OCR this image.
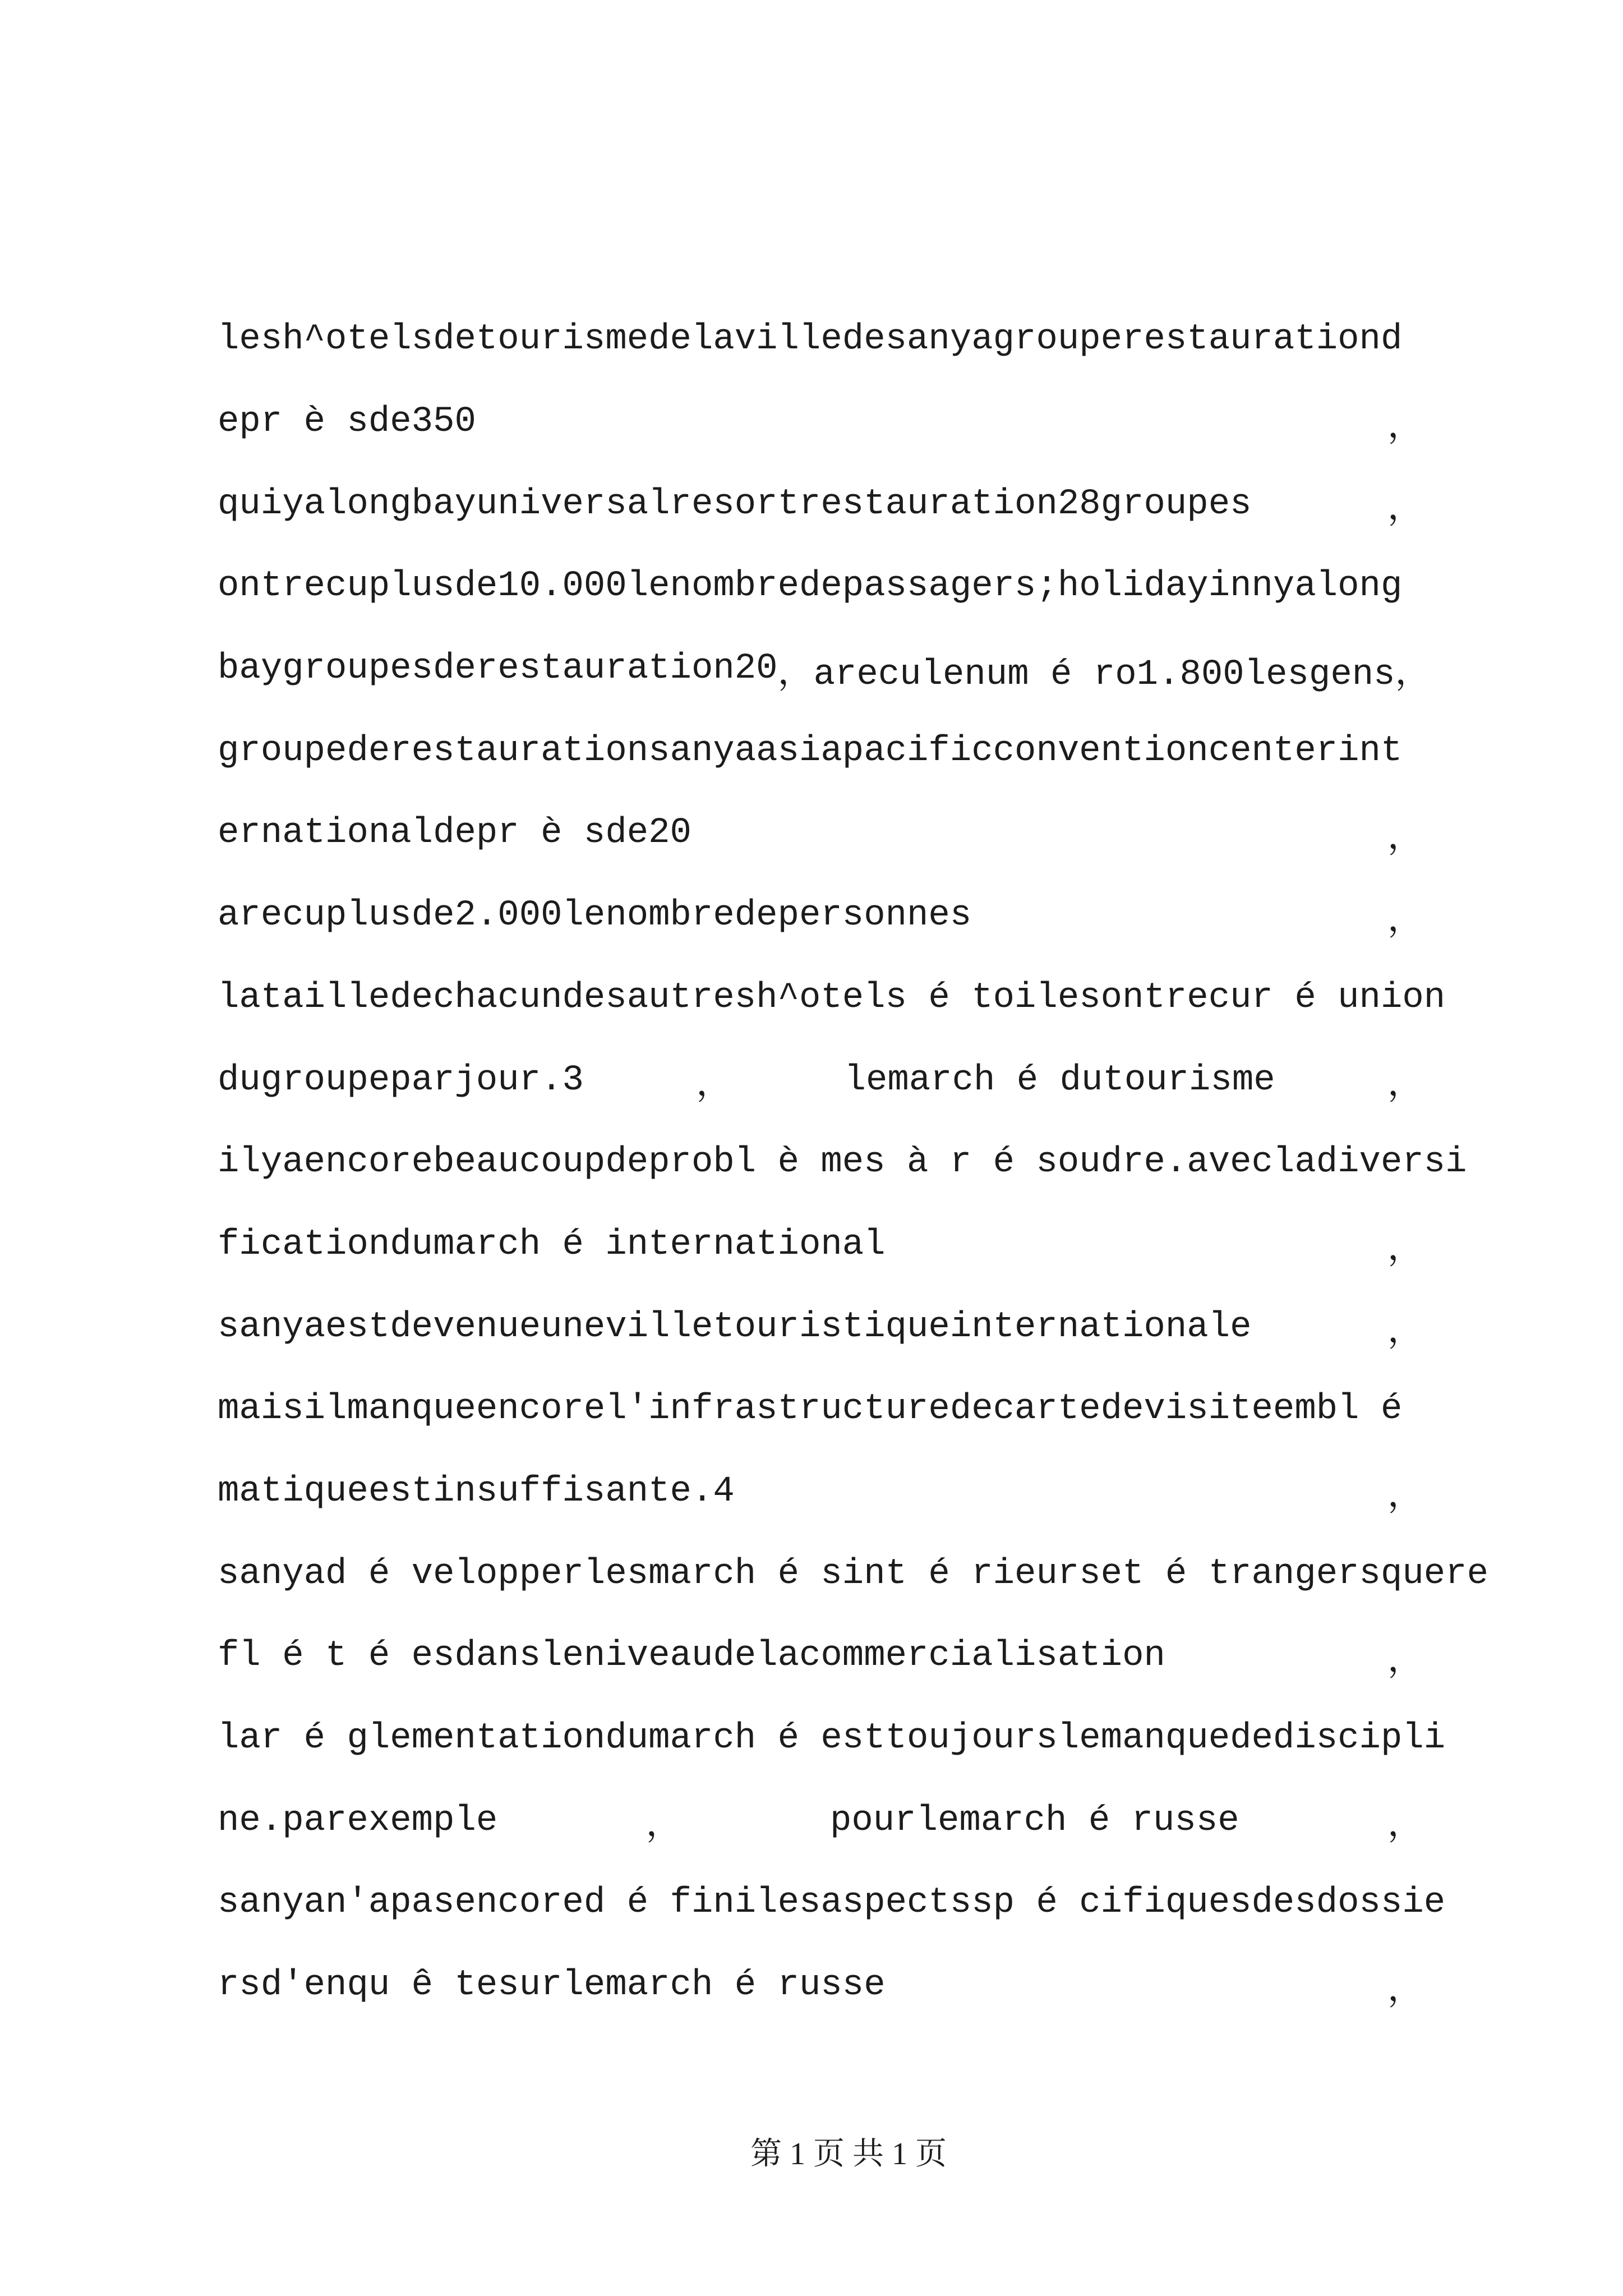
lesh^otelsdetourismedelavilledesanyagrouperestaurationd
epr è sde350	，
quiyalongbayuniversalresortrestauration28groupes	，
ontrecuplusde10.000lenombredepassagers;holidayinnyalong
baygroupesderestauration20 ， areculenum é ro1.800lesgens，
groupederestaurationsanyaasiapacificconventioncenterint
ernationaldepr è sde20	，
arecuplusde2.000lenombredepersonnes	，
latailledechacundesautresh^otels é toilesontrecur é union
dugroupeparjour.3	，	lemarch é dutourisme	，
ilyaencorebeaucoupdeprobl è mes à r é soudre.avecladiversi
ficationdumarch é international	，
sanyaestdevenueunevilletouristiqueinternationale	，
maisilmanqueencorel'infrastructuredecartedevisiteembl é
matiqueestinsuffisante.4	，
sanyad é velopperlesmarch é sint é rieurset é trangersquere
fl é t é esdansleniveaudelacommercialisation	，
lar é glementationdumarch é esttoujourslemanquedediscipli
ne.parexemple	，	pourlemarch é russe	，
sanyan'apasencored é finilesaspectssp é cifiquesdesdossie
rsd'enqu ê tesurlemarch é russe	，
第 1 页 共 1 页
